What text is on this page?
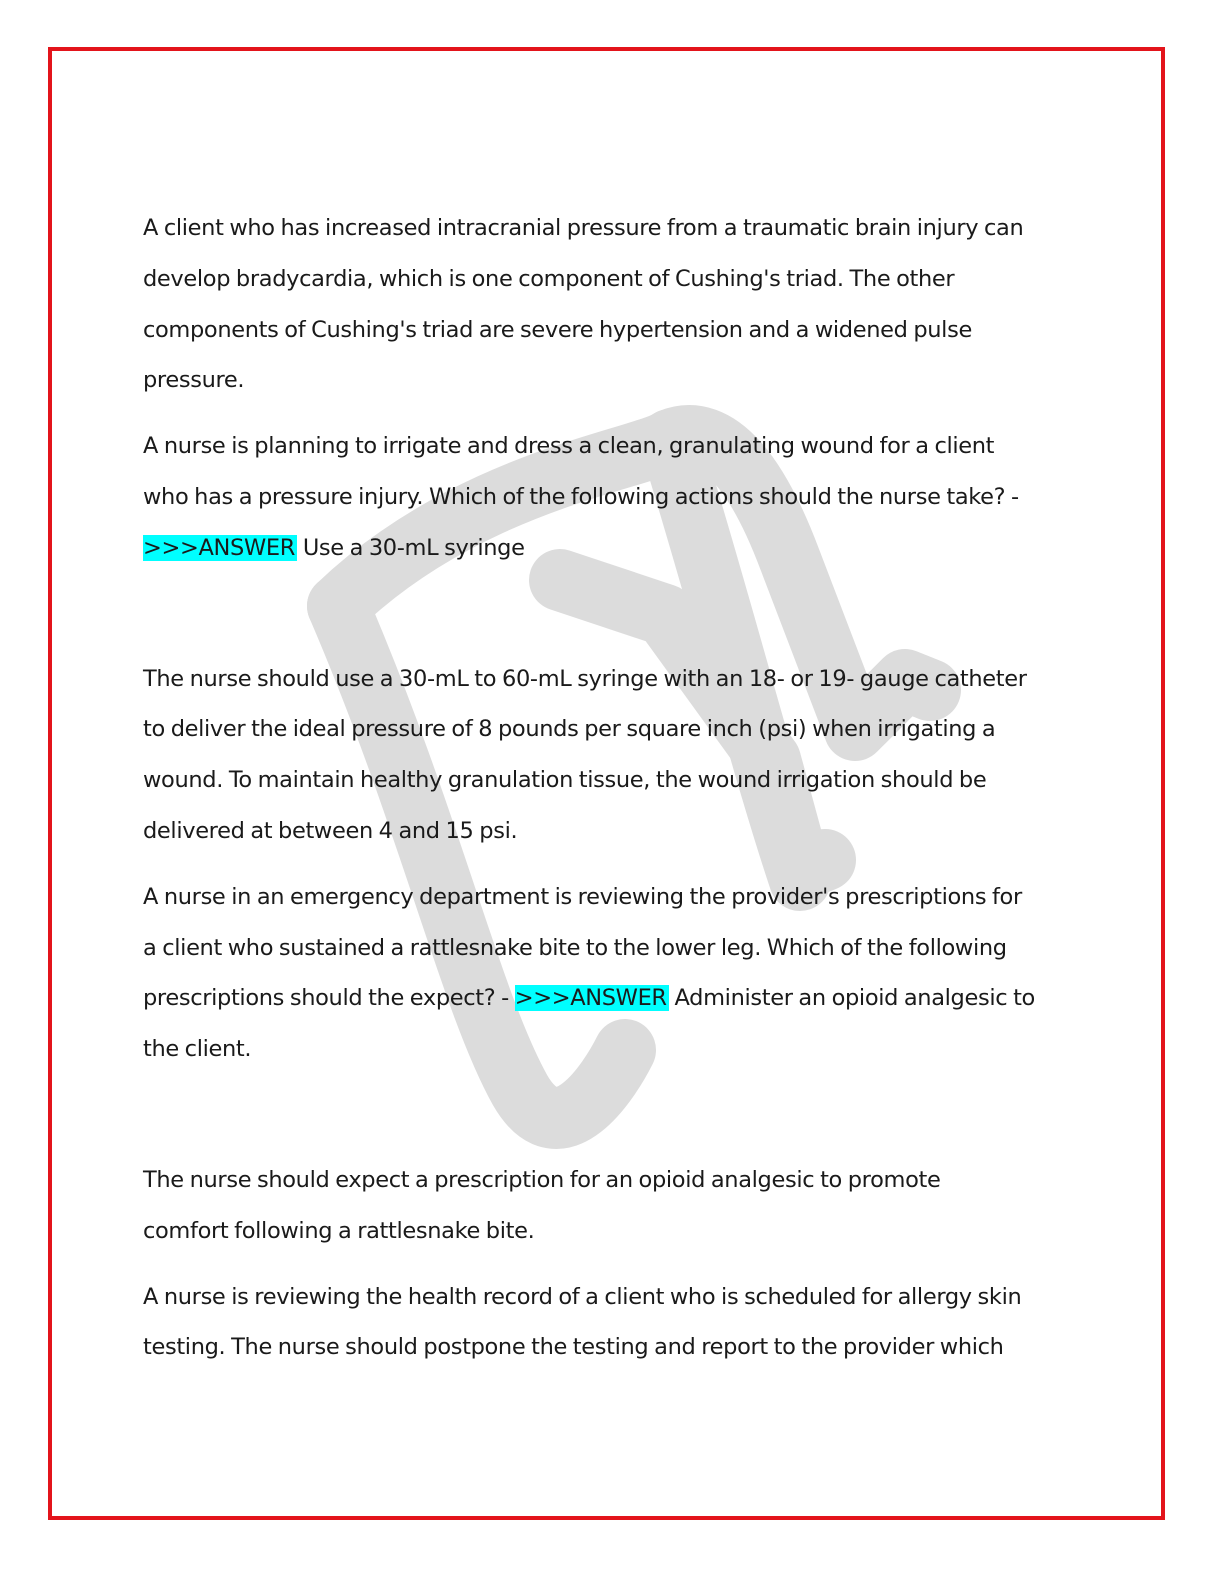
A client who has increased intracranial pressure from a traumatic brain injury can
develop bradycardia, which is one component of Cushing's triad. The other
components of Cushing's triad are severe hypertension and a widened pulse
pressure.

A nurse is planning to irrigate and dress a clean, granulating wound for a client
who has a pressure injury. Which of the following actions should the nurse take? -
>>>ANSWER Use a 30-mL syringe

The nurse should use a 30-mL to 60-mL syringe with an 18- or 19- gauge catheter
to deliver the ideal pressure of 8 pounds per square inch (psi) when irrigating a
wound. To maintain healthy granulation tissue, the wound irrigation should be
delivered at between 4 and 15 psi.

A nurse in an emergency department is reviewing the provider's prescriptions for
a client who sustained a rattlesnake bite to the lower leg. Which of the following
prescriptions should the expect? - >>>ANSWER Administer an opioid analgesic to
the client.

The nurse should expect a prescription for an opioid analgesic to promote
comfort following a rattlesnake bite.

A nurse is reviewing the health record of a client who is scheduled for allergy skin
testing. The nurse should postpone the testing and report to the provider which
